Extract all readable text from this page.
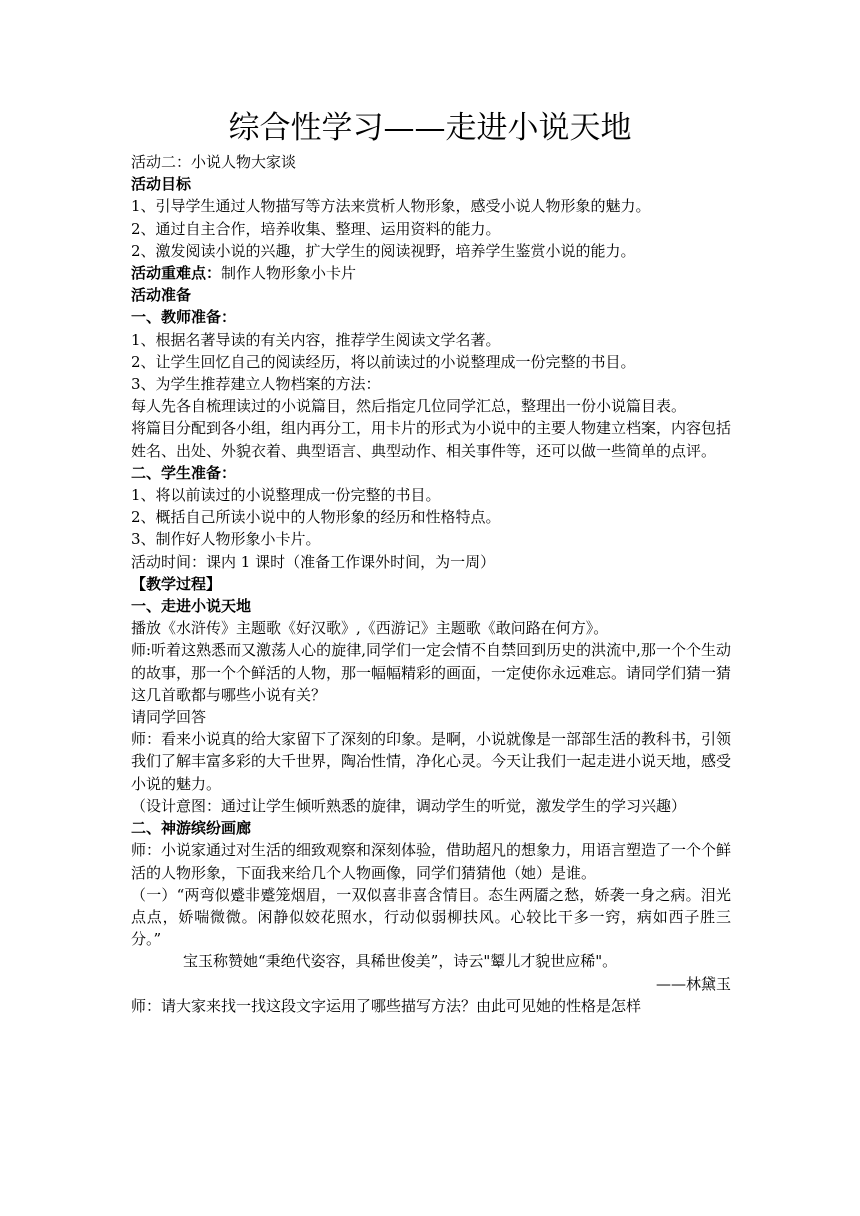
综合性学习——走进小说天地

活动二：小说人物大家谈

活动目标

1、引导学生通过人物描写等方法来赏析人物形象，感受小说人物形象的魅力。

2、通过自主合作，培养收集、整理、运用资料的能力。

2、激发阅读小说的兴趣，扩大学生的阅读视野，培养学生鉴赏小说的能力。

活动重难点：制作人物形象小卡片

活动准备

一、教师准备：

1、根据名著导读的有关内容，推荐学生阅读文学名著。

2、让学生回忆自己的阅读经历，将以前读过的小说整理成一份完整的书目。

3、为学生推荐建立人物档案的方法：

每人先各自梳理读过的小说篇目，然后指定几位同学汇总，整理出一份小说篇目表。

将篇目分配到各小组，组内再分工，用卡片的形式为小说中的主要人物建立档案，内容包括姓名、出处、外貌衣着、典型语言、典型动作、相关事件等，还可以做一些简单的点评。

二、学生准备：

1、将以前读过的小说整理成一份完整的书目。

2、概括自己所读小说中的人物形象的经历和性格特点。

3、制作好人物形象小卡片。

活动时间：课内 1 课时（准备工作课外时间，为一周）

【教学过程】

一、走进小说天地

播放《水浒传》主题歌《好汉歌》,《西游记》主题歌《敢问路在何方》。

师:听着这熟悉而又激荡人心的旋律,同学们一定会情不自禁回到历史的洪流中,那一个个生动的故事，那一个个鲜活的人物，那一幅幅精彩的画面，一定使你永远难忘。请同学们猜一猜这几首歌都与哪些小说有关？

请同学回答

师：看来小说真的给大家留下了深刻的印象。是啊，小说就像是一部部生活的教科书，引领我们了解丰富多彩的大千世界，陶冶性情，净化心灵。今天让我们一起走进小说天地，感受小说的魅力。

（设计意图：通过让学生倾听熟悉的旋律，调动学生的听觉，激发学生的学习兴趣）

二、神游缤纷画廊

师：小说家通过对生活的细致观察和深刻体验，借助超凡的想象力，用语言塑造了一个个鲜活的人物形象，下面我来给几个人物画像，同学们猜猜他（她）是谁。

（一）“两弯似蹙非蹙笼烟眉，一双似喜非喜含情目。态生两靥之愁，娇袭一身之病。泪光点点，娇喘微微。闲静似姣花照水，行动似弱柳扶风。心较比干多一窍，病如西子胜三分。”

宝玉称赞她“秉绝代姿容，具稀世俊美”，诗云"颦儿才貌世应稀"。

——林黛玉

师：请大家来找一找这段文字运用了哪些描写方法？由此可见她的性格是怎样
